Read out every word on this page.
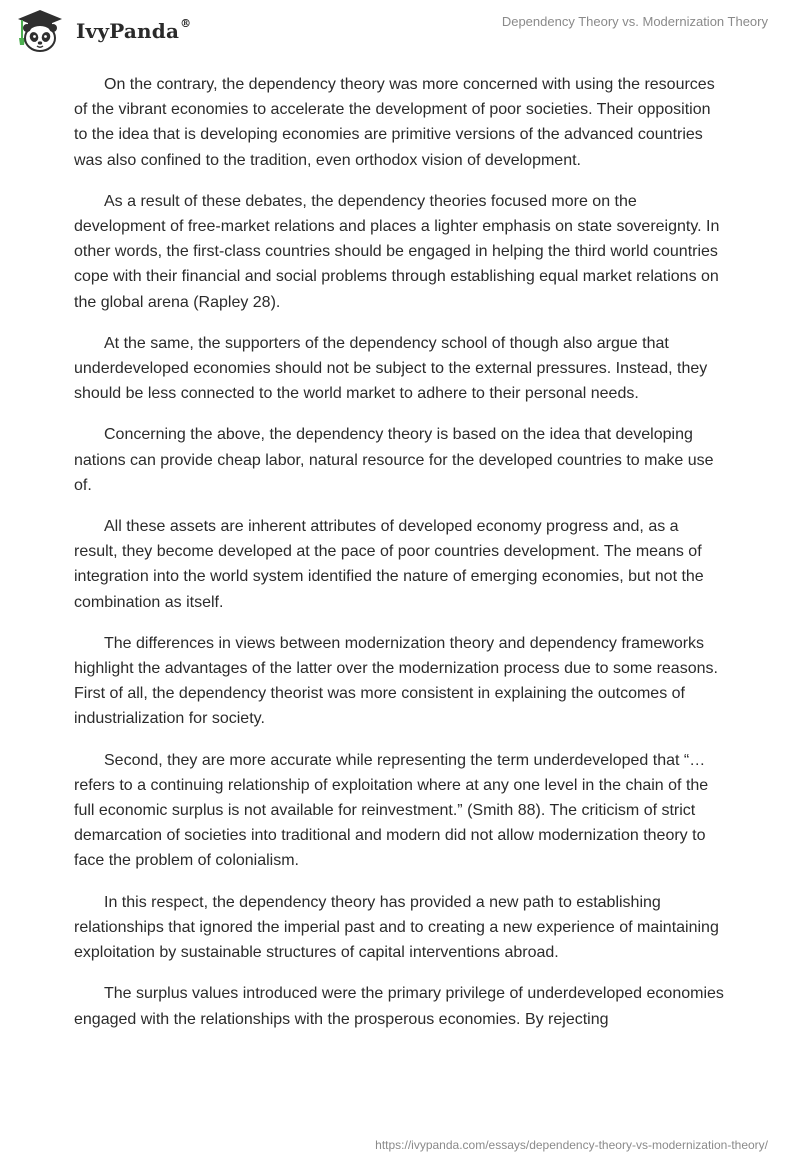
IvyPanda®	Dependency Theory vs. Modernization Theory

On the contrary, the dependency theory was more concerned with using the resources of the vibrant economies to accelerate the development of poor societies. Their opposition to the idea that is developing economies are primitive versions of the advanced countries was also confined to the tradition, even orthodox vision of development.

As a result of these debates, the dependency theories focused more on the development of free-market relations and places a lighter emphasis on state sovereignty. In other words, the first-class countries should be engaged in helping the third world countries cope with their financial and social problems through establishing equal market relations on the global arena (Rapley 28).

At the same, the supporters of the dependency school of though also argue that underdeveloped economies should not be subject to the external pressures. Instead, they should be less connected to the world market to adhere to their personal needs.

Concerning the above, the dependency theory is based on the idea that developing nations can provide cheap labor, natural resource for the developed countries to make use of.

All these assets are inherent attributes of developed economy progress and, as a result, they become developed at the pace of poor countries development. The means of integration into the world system identified the nature of emerging economies, but not the combination as itself.

The differences in views between modernization theory and dependency frameworks highlight the advantages of the latter over the modernization process due to some reasons. First of all, the dependency theorist was more consistent in explaining the outcomes of industrialization for society.

Second, they are more accurate while representing the term underdeveloped that “…refers to a continuing relationship of exploitation where at any one level in the chain of the full economic surplus is not available for reinvestment.” (Smith 88). The criticism of strict demarcation of societies into traditional and modern did not allow modernization theory to face the problem of colonialism.

In this respect, the dependency theory has provided a new path to establishing relationships that ignored the imperial past and to creating a new experience of maintaining exploitation by sustainable structures of capital interventions abroad.

The surplus values introduced were the primary privilege of underdeveloped economies engaged with the relationships with the prosperous economies. By rejecting

https://ivypanda.com/essays/dependency-theory-vs-modernization-theory/
